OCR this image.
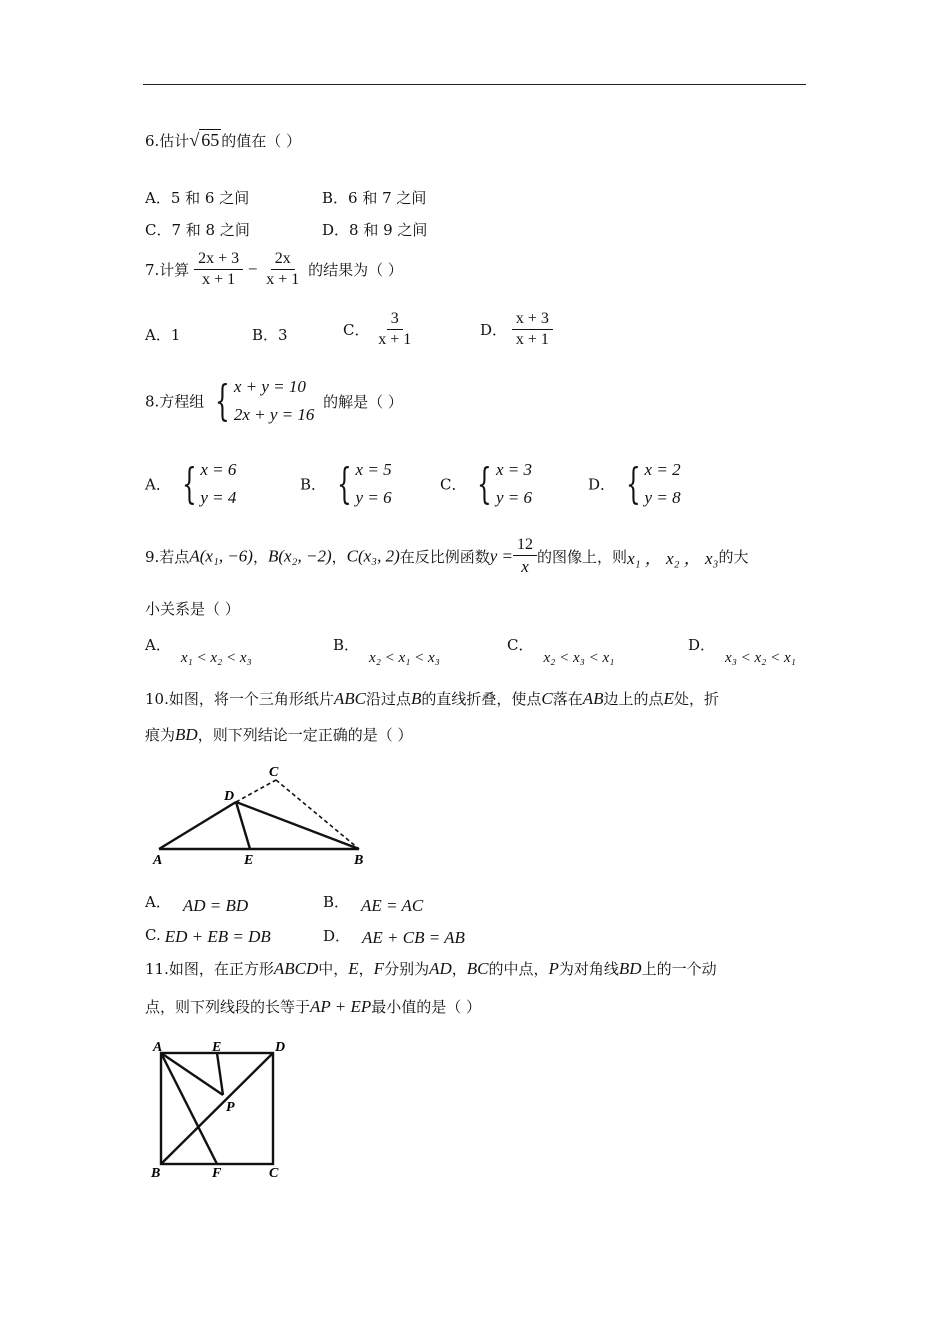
6.估计√ 65 的值在（ ）
A．5 和 6 之间	B．6 和 7 之间
C．7 和 8 之间	D．8 和 9 之间
7.计算 $\frac{2x + 3}{x + 1} - \frac{2x}{x + 1}$ 的结果为（ ）
A．1	B．3	C． $\frac{3}{x + 1}$	D． $\frac{x + 3}{x + 1}$
8.方程组 { x + y = 10
2x + y = 16
的解是（ ）
A． { x = 6
y = 4
B． { x = 5
y = 6
C． { x = 3
y = 6
D． { x = 2
y = 8
9.若点A(x₁, −6)，B(x₂, −2)，C(x₃, 2)在反比例函数$y = \frac{12}{x}$ 的图像上，则x₁ ， x₂ ， x₃的大
小关系是（ ）
A．x₁ < x₂ < x₃
B．x₂ < x₁ < x₃
C．x₂ < x₃ < x₁
D．x₃ < x₂ < x₁
10.如图，将一个三角形纸片ABC沿过点B的直线折叠，使点C落在AB边上的点E处，折
痕为BD，则下列结论一定正确的是（ ）
A	E	B
D
C
A． AD = BD	B． AE = AC
C. ED + EB = DB	D． AE + CB = AB
11.如图，在正方形ABCD中，E，F分别为AD，BC的中点，P为对角线BD上的一个动
点，则下列线段的长等于AP + EP最小值的是（ ）
A	E	D
P
B	F	C
